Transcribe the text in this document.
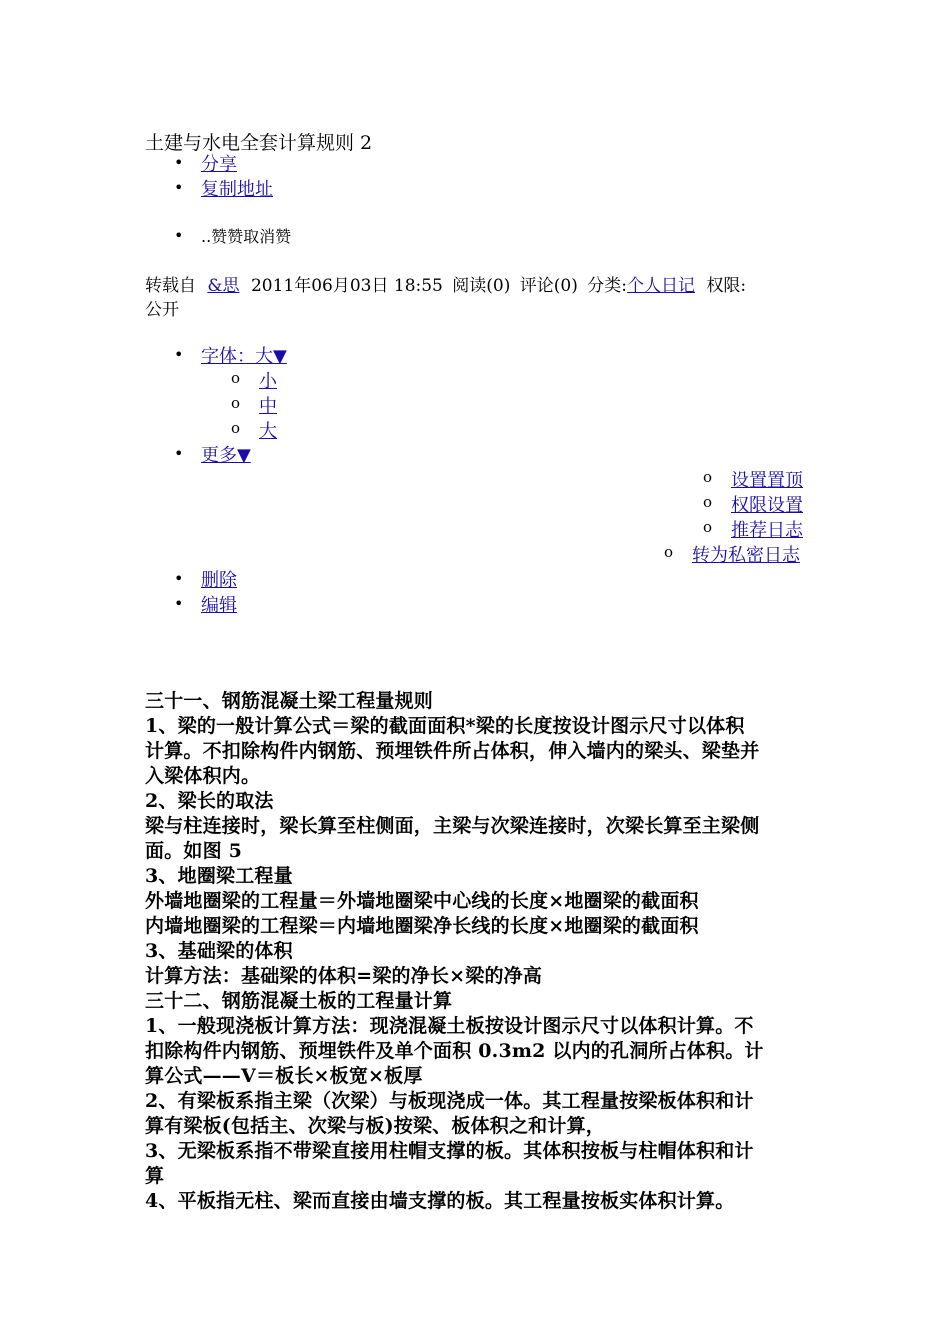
土建与水电全套计算规则 2
• 分享
• 复制地址
• ..赞赞取消赞
转载自 &思 2011年06月03日 18:55 阅读(0) 评论(0) 分类:个人日记 权限:
公开
• 字体：大▼
o 小
o 中
o 大
• 更多▼
o 设置置顶
o 权限设置
o 推荐日志
o 转为私密日志
• 删除
• 编辑
三十一、钢筋混凝土梁工程量规则
1、梁的一般计算公式＝梁的截面面积*梁的长度按设计图示尺寸以体积
计算。不扣除构件内钢筋、预埋铁件所占体积，伸入墙内的梁头、梁垫并
入梁体积内。
2、梁长的取法
梁与柱连接时，梁长算至柱侧面，主梁与次梁连接时，次梁长算至主梁侧
面。如图 5
3、地圈梁工程量
外墙地圈梁的工程量＝外墙地圈梁中心线的长度×地圈梁的截面积
内墙地圈梁的工程梁＝内墙地圈梁净长线的长度×地圈梁的截面积
3、基础梁的体积
计算方法：基础梁的体积=梁的净长×梁的净高
三十二、钢筋混凝土板的工程量计算
1、一般现浇板计算方法：现浇混凝土板按设计图示尺寸以体积计算。不
扣除构件内钢筋、预埋铁件及单个面积 0.3m2 以内的孔洞所占体积。计
算公式——V＝板长×板宽×板厚
2、有梁板系指主梁（次梁）与板现浇成一体。其工程量按梁板体积和计
算有梁板(包括主、次梁与板)按梁、板体积之和计算，
3、无梁板系指不带梁直接用柱帽支撑的板。其体积按板与柱帽体积和计
算
4、平板指无柱、梁而直接由墙支撑的板。其工程量按板实体积计算。
